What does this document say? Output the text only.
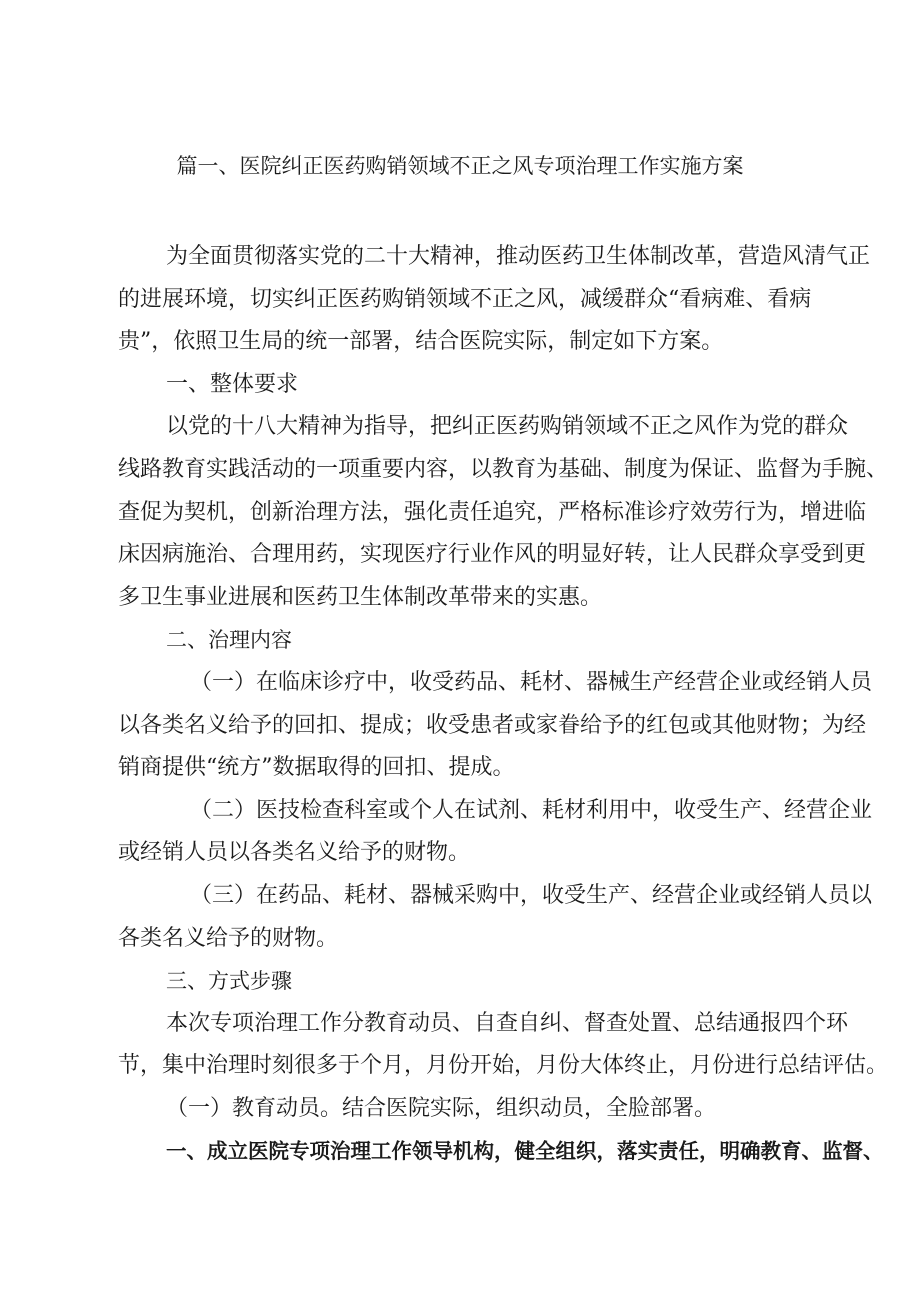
篇一、医院纠正医药购销领域不正之风专项治理工作实施方案
为全面贯彻落实党的二十大精神，推动医药卫生体制改革，营造风清气正
的进展环境，切实纠正医药购销领域不正之风，减缓群众“看病难、看病
贵”，依照卫生局的统一部署，结合医院实际，制定如下方案。
一、整体要求
以党的十八大精神为指导，把纠正医药购销领域不正之风作为党的群众
线路教育实践活动的一项重要内容，以教育为基础、制度为保证、监督为手腕、
查促为契机，创新治理方法，强化责任追究，严格标准诊疗效劳行为，增进临
床因病施治、合理用药，实现医疗行业作风的明显好转，让人民群众享受到更
多卫生事业进展和医药卫生体制改革带来的实惠。
二、治理内容
（一）在临床诊疗中，收受药品、耗材、器械生产经营企业或经销人员
以各类名义给予的回扣、提成；收受患者或家眷给予的红包或其他财物；为经
销商提供“统方”数据取得的回扣、提成。
（二）医技检查科室或个人在试剂、耗材利用中，收受生产、经营企业
或经销人员以各类名义给予的财物。
（三）在药品、耗材、器械采购中，收受生产、经营企业或经销人员以
各类名义给予的财物。
三、方式步骤
本次专项治理工作分教育动员、自查自纠、督查处置、总结通报四个环
节，集中治理时刻很多于个月，月份开始，月份大体终止，月份进行总结评估。
（一）教育动员。结合医院实际，组织动员，全脸部署。
一、成立医院专项治理工作领导机构，健全组织，落实责任，明确教育、监督、
